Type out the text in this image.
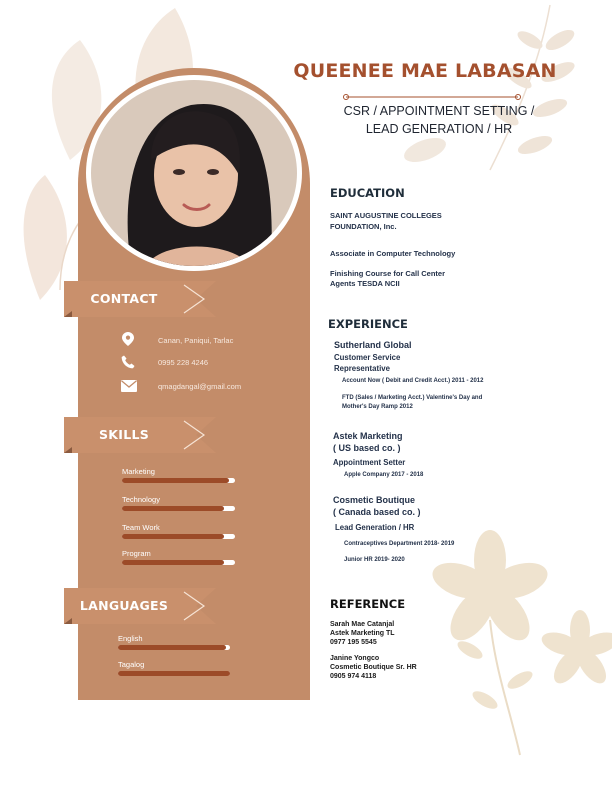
CONTACT
Canan, Paniqui, Tarlac
0995 228 4246
qmagdangal@gmail.com
SKILLS
Marketing
Technology
Team Work
Program
LANGUAGES
English
Tagalog
QUEENEE MAE LABASAN
CSR / APPOINTMENT SETTING /
LEAD GENERATION / HR
EDUCATION
SAINT AUGUSTINE COLLEGES
FOUNDATION, Inc.
Associate in Computer Technology
Finishing Course for Call Center
Agents TESDA NCII
EXPERIENCE
Sutherland Global
Customer Service
Representative
Account Now ( Debit and Credit Acct.) 2011 - 2012
FTD (Sales / Marketing Acct.) Valentine's Day and
Mother's Day Ramp 2012
Astek Marketing
( US based co. )
Appointment Setter
Apple Company 2017 - 2018
Cosmetic Boutique
( Canada based co. )
Lead Generation / HR
Contraceptives Department 2018- 2019
Junior HR 2019- 2020
REFERENCE
Sarah Mae Catanjal
Astek Marketing TL
0977 195 5545
Janine Yongco
Cosmetic Boutique Sr. HR
0905 974 4118
